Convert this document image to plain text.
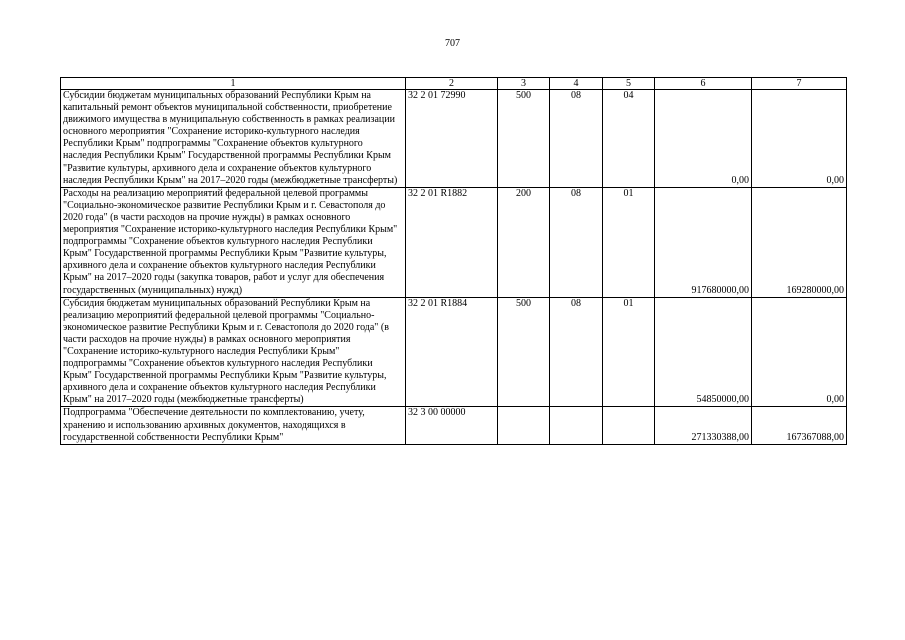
707
1	2	3	4	5	6	7
Субсидии бюджетам муниципальных образований Республики Крым на капитальный ремонт объектов муниципальной собственности, приобретение движимого имущества в муниципальную собственность в рамках реализации основного мероприятия "Сохранение историко-культурного наследия Республики Крым" подпрограммы "Сохранение объектов культурного наследия Республики Крым" Государственной программы Республики Крым "Развитие культуры, архивного дела и сохранение объектов культурного наследия Республики Крым" на 2017–2020 годы (межбюджетные трансферты)	32 2 01 72990	500	08	04	0,00	0,00
Расходы на реализацию мероприятий федеральной целевой программы "Социально-экономическое развитие Республики Крым и г. Севастополя до 2020 года" (в части расходов на прочие нужды) в рамках основного мероприятия "Сохранение историко-культурного наследия Республики Крым" подпрограммы "Сохранение объектов культурного наследия Республики Крым" Государственной программы Республики Крым "Развитие культуры, архивного дела и сохранение объектов культурного наследия Республики Крым" на 2017–2020 годы (закупка товаров, работ и услуг для обеспечения государственных (муниципальных) нужд)	32 2 01 R1882	200	08	01	917680000,00	169280000,00
Субсидия бюджетам муниципальных образований Республики Крым на реализацию мероприятий федеральной целевой программы "Социально-экономическое развитие Республики Крым и г. Севастополя до 2020 года" (в части расходов на прочие нужды) в рамках основного мероприятия "Сохранение историко-культурного наследия Республики Крым" подпрограммы "Сохранение объектов культурного наследия Республики Крым" Государственной программы Республики Крым "Развитие культуры, архивного дела и сохранение объектов культурного наследия Республики Крым" на 2017–2020 годы (межбюджетные трансферты)	32 2 01 R1884	500	08	01	54850000,00	0,00
Подпрограмма "Обеспечение деятельности по комплектованию, учету, хранению и использованию архивных документов, находящихся в государственной собственности Республики Крым"	32 3 00 00000				271330388,00	167367088,00
